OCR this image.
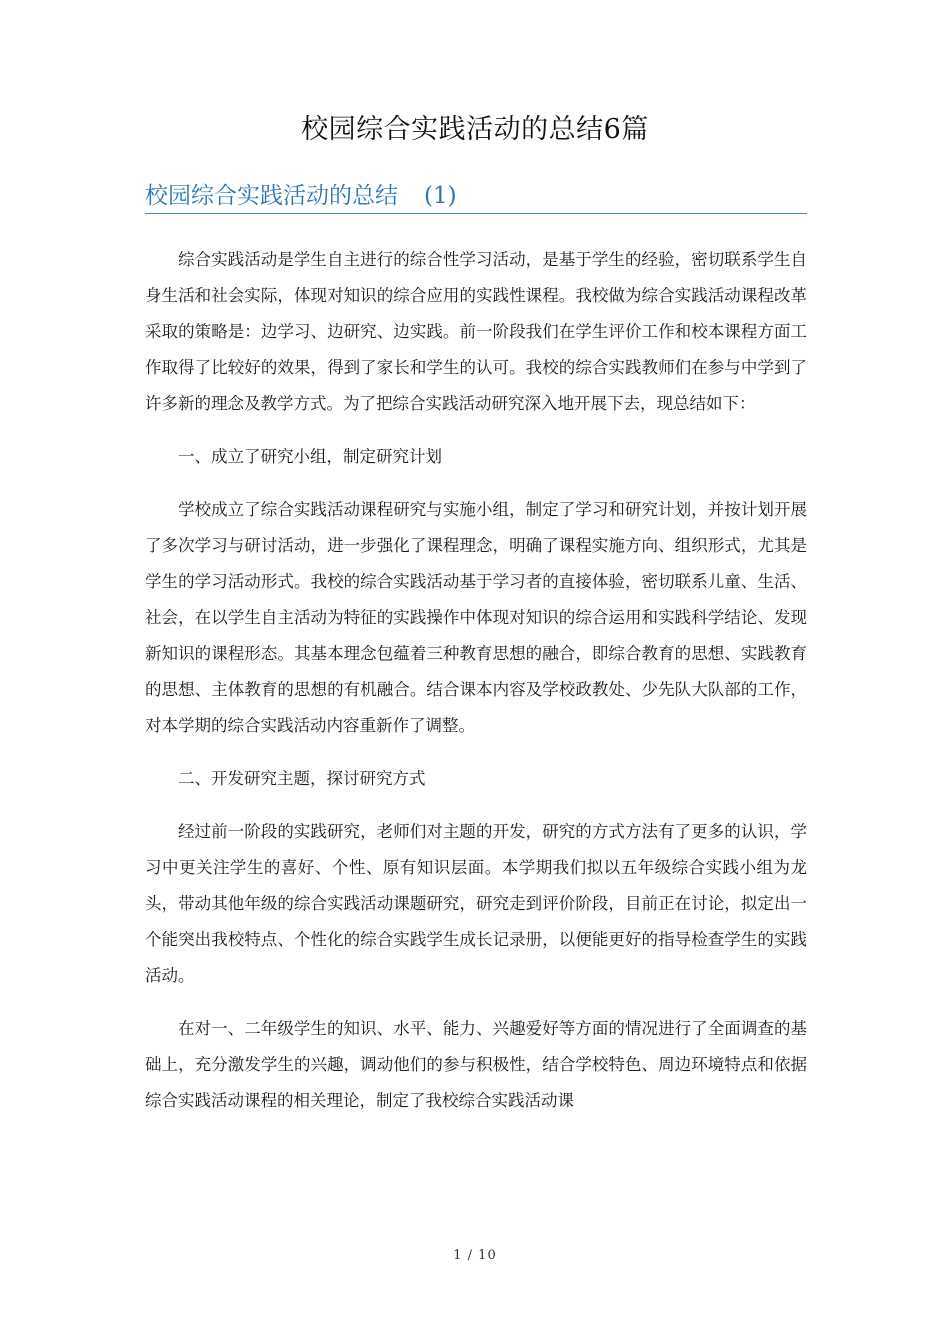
校园综合实践活动的总结6篇
校园综合实践活动的总结 (1)

综合实践活动是学生自主进行的综合性学习活动，是基于学生的经验，密切联系学生自身生活和社会实际，体现对知识的综合应用的实践性课程。我校做为综合实践活动课程改革采取的策略是：边学习、边研究、边实践。前一阶段我们在学生评价工作和校本课程方面工作取得了比较好的效果，得到了家长和学生的认可。我校的综合实践教师们在参与中学到了许多新的理念及教学方式。为了把综合实践活动研究深入地开展下去，现总结如下：

一、成立了研究小组，制定研究计划

学校成立了综合实践活动课程研究与实施小组，制定了学习和研究计划，并按计划开展了多次学习与研讨活动，进一步强化了课程理念，明确了课程实施方向、组织形式，尤其是学生的学习活动形式。我校的综合实践活动基于学习者的直接体验，密切联系儿童、生活、社会，在以学生自主活动为特征的实践操作中体现对知识的综合运用和实践科学结论、发现新知识的课程形态。其基本理念包蕴着三种教育思想的融合，即综合教育的思想、实践教育的思想、主体教育的思想的有机融合。结合课本内容及学校政教处、少先队大队部的工作，对本学期的综合实践活动内容重新作了调整。

二、开发研究主题，探讨研究方式

经过前一阶段的实践研究，老师们对主题的开发，研究的方式方法有了更多的认识，学习中更关注学生的喜好、个性、原有知识层面。本学期我们拟以五年级综合实践小组为龙头，带动其他年级的综合实践活动课题研究，研究走到评价阶段，目前正在讨论，拟定出一个能突出我校特点、个性化的综合实践学生成长记录册，以便能更好的指导检查学生的实践活动。

在对一、二年级学生的知识、水平、能力、兴趣爱好等方面的情况进行了全面调查的基础上，充分激发学生的兴趣，调动他们的参与积极性，结合学校特色、周边环境特点和依据综合实践活动课程的相关理论，制定了我校综合实践活动课

1 / 10
